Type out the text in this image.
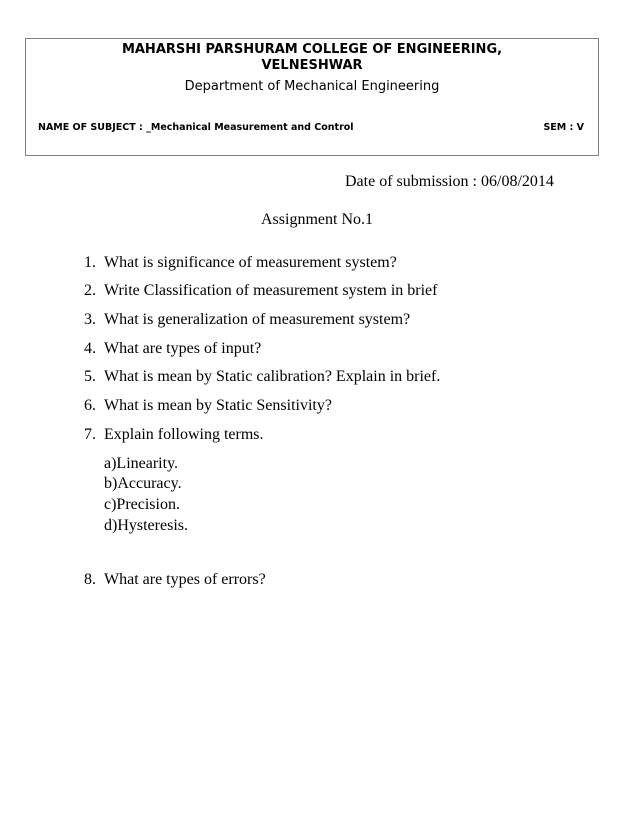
MAHARSHI PARSHURAM COLLEGE OF ENGINEERING,
VELNESHWAR
Department of Mechanical Engineering
NAME OF SUBJECT : _Mechanical Measurement and Control	SEM : V
Date of submission : 06/08/2014
Assignment No.1
1. What is significance of measurement system?
2. Write Classification of measurement system in brief
3. What is generalization of measurement system?
4. What are types of input?
5. What is mean by Static calibration? Explain in brief.
6. What is mean by Static Sensitivity?
7. Explain following terms.
a)Linearity.
b)Accuracy.
c)Precision.
d)Hysteresis.
8. What are types of errors?
